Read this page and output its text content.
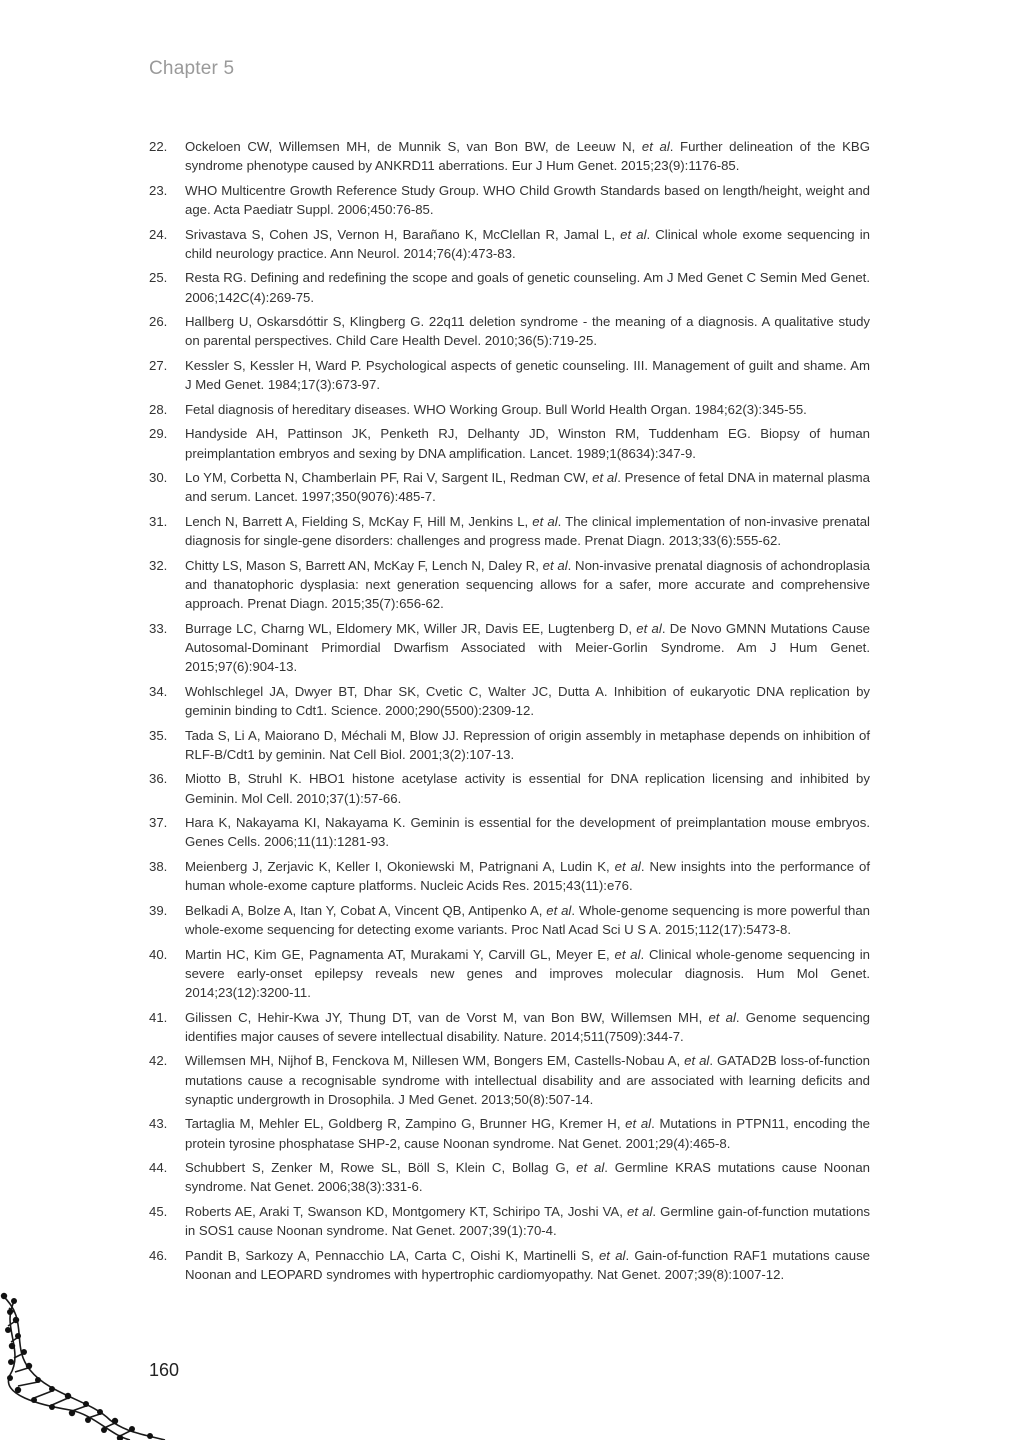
Chapter 5
22.	Ockeloen CW, Willemsen MH, de Munnik S, van Bon BW, de Leeuw N, et al. Further delineation of the KBG syndrome phenotype caused by ANKRD11 aberrations. Eur J Hum Genet. 2015;23(9):1176-85.
23.	WHO Multicentre Growth Reference Study Group. WHO Child Growth Standards based on length/height, weight and age. Acta Paediatr Suppl. 2006;450:76-85.
24.	Srivastava S, Cohen JS, Vernon H, Barañano K, McClellan R, Jamal L, et al. Clinical whole exome sequencing in child neurology practice. Ann Neurol. 2014;76(4):473-83.
25.	Resta RG. Defining and redefining the scope and goals of genetic counseling. Am J Med Genet C Semin Med Genet. 2006;142C(4):269-75.
26.	Hallberg U, Oskarsdóttir S, Klingberg G. 22q11 deletion syndrome - the meaning of a diagnosis. A qualitative study on parental perspectives. Child Care Health Devel. 2010;36(5):719-25.
27.	Kessler S, Kessler H, Ward P. Psychological aspects of genetic counseling. III. Management of guilt and shame. Am J Med Genet. 1984;17(3):673-97.
28.	Fetal diagnosis of hereditary diseases. WHO Working Group. Bull World Health Organ. 1984;62(3):345-55.
29.	Handyside AH, Pattinson JK, Penketh RJ, Delhanty JD, Winston RM, Tuddenham EG. Biopsy of human preimplantation embryos and sexing by DNA amplification. Lancet. 1989;1(8634):347-9.
30.	Lo YM, Corbetta N, Chamberlain PF, Rai V, Sargent IL, Redman CW, et al. Presence of fetal DNA in maternal plasma and serum. Lancet. 1997;350(9076):485-7.
31.	Lench N, Barrett A, Fielding S, McKay F, Hill M, Jenkins L, et al. The clinical implementation of non-invasive prenatal diagnosis for single-gene disorders: challenges and progress made. Prenat Diagn. 2013;33(6):555-62.
32.	Chitty LS, Mason S, Barrett AN, McKay F, Lench N, Daley R, et al. Non-invasive prenatal diagnosis of achondroplasia and thanatophoric dysplasia: next generation sequencing allows for a safer, more accurate and comprehensive approach. Prenat Diagn. 2015;35(7):656-62.
33.	Burrage LC, Charng WL, Eldomery MK, Willer JR, Davis EE, Lugtenberg D, et al. De Novo GMNN Mutations Cause Autosomal-Dominant Primordial Dwarfism Associated with Meier-Gorlin Syndrome. Am J Hum Genet. 2015;97(6):904-13.
34.	Wohlschlegel JA, Dwyer BT, Dhar SK, Cvetic C, Walter JC, Dutta A. Inhibition of eukaryotic DNA replication by geminin binding to Cdt1. Science. 2000;290(5500):2309-12.
35.	Tada S, Li A, Maiorano D, Méchali M, Blow JJ. Repression of origin assembly in metaphase depends on inhibition of RLF-B/Cdt1 by geminin. Nat Cell Biol. 2001;3(2):107-13.
36.	Miotto B, Struhl K. HBO1 histone acetylase activity is essential for DNA replication licensing and inhibited by Geminin. Mol Cell. 2010;37(1):57-66.
37.	Hara K, Nakayama KI, Nakayama K. Geminin is essential for the development of preimplantation mouse embryos. Genes Cells. 2006;11(11):1281-93.
38.	Meienberg J, Zerjavic K, Keller I, Okoniewski M, Patrignani A, Ludin K, et al. New insights into the performance of human whole-exome capture platforms. Nucleic Acids Res. 2015;43(11):e76.
39.	Belkadi A, Bolze A, Itan Y, Cobat A, Vincent QB, Antipenko A, et al. Whole-genome sequencing is more powerful than whole-exome sequencing for detecting exome variants. Proc Natl Acad Sci U S A. 2015;112(17):5473-8.
40.	Martin HC, Kim GE, Pagnamenta AT, Murakami Y, Carvill GL, Meyer E, et al. Clinical whole-genome sequencing in severe early-onset epilepsy reveals new genes and improves molecular diagnosis. Hum Mol Genet. 2014;23(12):3200-11.
41.	Gilissen C, Hehir-Kwa JY, Thung DT, van de Vorst M, van Bon BW, Willemsen MH, et al. Genome sequencing identifies major causes of severe intellectual disability. Nature. 2014;511(7509):344-7.
42.	Willemsen MH, Nijhof B, Fenckova M, Nillesen WM, Bongers EM, Castells-Nobau A, et al. GATAD2B loss-of-function mutations cause a recognisable syndrome with intellectual disability and are associated with learning deficits and synaptic undergrowth in Drosophila. J Med Genet. 2013;50(8):507-14.
43.	Tartaglia M, Mehler EL, Goldberg R, Zampino G, Brunner HG, Kremer H, et al. Mutations in PTPN11, encoding the protein tyrosine phosphatase SHP-2, cause Noonan syndrome. Nat Genet. 2001;29(4):465-8.
44.	Schubbert S, Zenker M, Rowe SL, Böll S, Klein C, Bollag G, et al. Germline KRAS mutations cause Noonan syndrome. Nat Genet. 2006;38(3):331-6.
45.	Roberts AE, Araki T, Swanson KD, Montgomery KT, Schiripo TA, Joshi VA, et al. Germline gain-of-function mutations in SOS1 cause Noonan syndrome. Nat Genet. 2007;39(1):70-4.
46.	Pandit B, Sarkozy A, Pennacchio LA, Carta C, Oishi K, Martinelli S, et al. Gain-of-function RAF1 mutations cause Noonan and LEOPARD syndromes with hypertrophic cardiomyopathy. Nat Genet. 2007;39(8):1007-12.
160
